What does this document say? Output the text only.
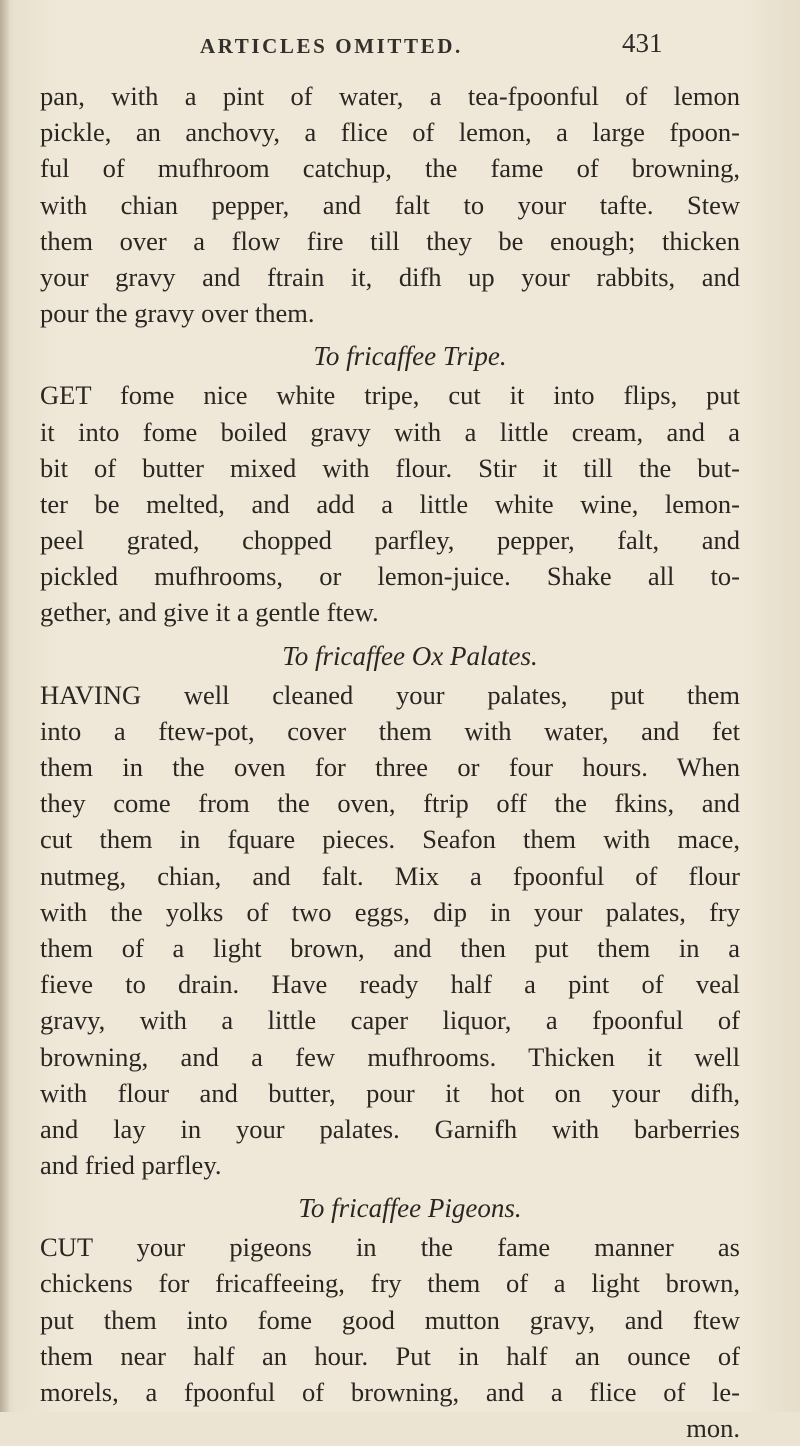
ARTICLES OMITTED.	431
pan, with a pint of water, a tea-fpoonful of lemon
pickle, an anchovy, a flice of lemon, a large fpoon-
ful of mufhroom catchup, the fame of browning,
with chian pepper, and falt to your tafte. Stew
them over a flow fire till they be enough; thicken
your gravy and ftrain it, difh up your rabbits, and
pour the gravy over them.
To fricaffee Tripe.
GET fome nice white tripe, cut it into flips, put
it into fome boiled gravy with a little cream, and a
bit of butter mixed with flour. Stir it till the but-
ter be melted, and add a little white wine, lemon-
peel grated, chopped parfley, pepper, falt, and
pickled mufhrooms, or lemon-juice. Shake all to-
gether, and give it a gentle ftew.
To fricaffee Ox Palates.
HAVING well cleaned your palates, put them
into a ftew-pot, cover them with water, and fet
them in the oven for three or four hours. When
they come from the oven, ftrip off the fkins, and
cut them in fquare pieces. Seafon them with mace,
nutmeg, chian, and falt. Mix a fpoonful of flour
with the yolks of two eggs, dip in your palates, fry
them of a light brown, and then put them in a
fieve to drain. Have ready half a pint of veal
gravy, with a little caper liquor, a fpoonful of
browning, and a few mufhrooms. Thicken it well
with flour and butter, pour it hot on your difh,
and lay in your palates. Garnifh with barberries
and fried parfley.
To fricaffee Pigeons.
CUT your pigeons in the fame manner as
chickens for fricaffeeing, fry them of a light brown,
put them into fome good mutton gravy, and ftew
them near half an hour. Put in half an ounce of
morels, a fpoonful of browning, and a flice of le-
mon.
